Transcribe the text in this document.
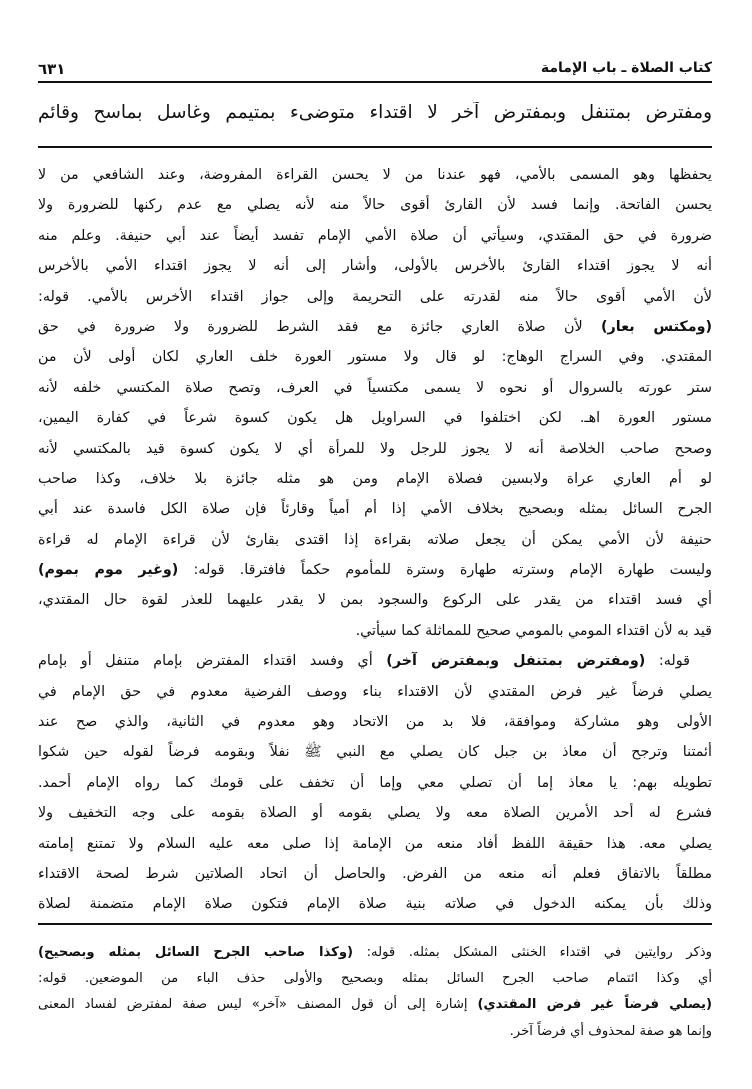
كتاب الصلاة ـ باب الإمامة
٦٣١
ومفترض بمتنفل وبمفترض آخر لا اقتداء متوضىء بمتيمم وغاسل بماسح وقائم
يحفظها وهو المسمى بالأمي، فهو عندنا من لا يحسن القراءة المفروضة، وعند الشافعي من لا
يحسن الفاتحة. وإنما فسد لأن القارئ أقوى حالاً منه لأنه يصلي مع عدم ركنها للضرورة ولا
ضرورة في حق المقتدي، وسيأتي أن صلاة الأمي الإمام تفسد أيضاً عند أبي حنيفة. وعلم منه
أنه لا يجوز اقتداء القارئ بالأخرس بالأولى، وأشار إلى أنه لا يجوز اقتداء الأمي بالأخرس
لأن الأمي أقوى حالاً منه لقدرته على التحريمة وإلى جواز اقتداء الأخرس بالأمي. قوله:
(ومكتس بعار) لأن صلاة العاري جائزة مع فقد الشرط للضرورة ولا ضرورة في حق
المقتدي. وفي السراج الوهاج: لو قال ولا مستور العورة خلف العاري لكان أولى لأن من
ستر عورته بالسروال أو نحوه لا يسمى مكتسياً في العرف، وتصح صلاة المكتسي خلفه لأنه
مستور العورة اهـ. لكن اختلفوا في السراويل هل يكون كسوة شرعاً في كفارة اليمين،
وصحح صاحب الخلاصة أنه لا يجوز للرجل ولا للمرأة أي لا يكون كسوة قيد بالمكتسي لأنه
لو أم العاري عراة ولابسين فصلاة الإمام ومن هو مثله جائزة بلا خلاف، وكذا صاحب
الجرح السائل بمثله وبصحيح بخلاف الأمي إذا أم أمياً وقارئاً فإن صلاة الكل فاسدة عند أبي
حنيفة لأن الأمي يمكن أن يجعل صلاته بقراءة إذا اقتدى بقارئ لأن قراءة الإمام له قراءة
وليست طهارة الإمام وسترته طهارة وسترة للمأموم حكماً فافترقا. قوله: (وغير موم بموم)
أي فسد اقتداء من يقدر على الركوع والسجود بمن لا يقدر عليهما للعذر لقوة حال المقتدي،
قيد به لأن اقتداء المومي بالمومي صحيح للمماثلة كما سيأتي.
قوله: (ومفترض بمتنفل وبمفترض آخر) أي وفسد اقتداء المفترض بإمام متنفل أو بإمام
يصلي فرضاً غير فرض المقتدي لأن الاقتداء بناء ووصف الفرضية معدوم في حق الإمام في
الأولى وهو مشاركة وموافقة، فلا بد من الاتحاد وهو معدوم في الثانية، والذي صح عند
أئمتنا وترجح أن معاذ بن جبل كان يصلي مع النبي ﷺ نفلاً وبقومه فرضاً لقوله حين شكوا
تطويله بهم: يا معاذ إما أن تصلي معي وإما أن تخفف على قومك كما رواه الإمام أحمد.
فشرع له أحد الأمرين الصلاة معه ولا يصلي بقومه أو الصلاة بقومه على وجه التخفيف ولا
يصلي معه. هذا حقيقة اللفظ أفاد منعه من الإمامة إذا صلى معه عليه السلام ولا تمتنع إمامته
مطلقاً بالاتفاق فعلم أنه منعه من الفرض. والحاصل أن اتحاد الصلاتين شرط لصحة الاقتداء
وذلك بأن يمكنه الدخول في صلاته بنية صلاة الإمام فتكون صلاة الإمام متضمنة لصلاة
وذكر روايتين في اقتداء الخنثى المشكل بمثله. قوله: (وكذا صاحب الجرح السائل بمثله وبصحيح)
أي وكذا ائتمام صاحب الجرح السائل بمثله وبصحيح والأولى حذف الباء من الموضعين. قوله:
(يصلي فرضاً غير فرض المقتدي) إشارة إلى أن قول المصنف «آخر» ليس صفة لمفترض لفساد المعنى
وإنما هو صفة لمحذوف أي فرضاً آخر.
